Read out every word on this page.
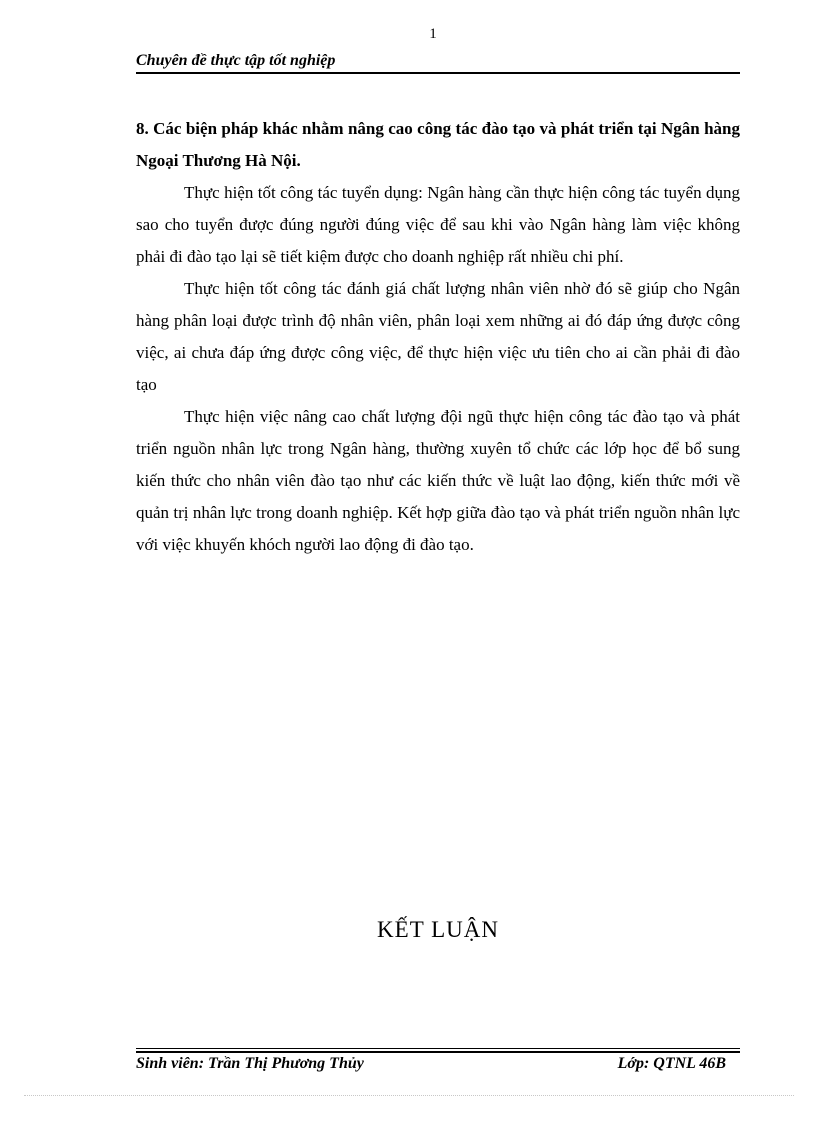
1
Chuyên đề thực tập tốt nghiệp

8. Các biện pháp khác nhằm nâng cao công tác đào tạo và phát triển tại Ngân hàng Ngoại Thương Hà Nội.

Thực hiện tốt công tác tuyển dụng: Ngân hàng cần thực hiện công tác tuyển dụng sao cho tuyển được đúng người đúng việc để sau khi vào Ngân hàng làm việc không phải đi đào tạo lại sẽ tiết kiệm được cho doanh nghiệp rất nhiều chi phí.

Thực hiện tốt công tác đánh giá chất lượng nhân viên nhờ đó sẽ giúp cho Ngân hàng phân loại được trình độ nhân viên, phân loại xem những ai đó đáp ứng được công việc, ai chưa đáp ứng được công việc, để thực hiện việc ưu tiên cho ai cần phải đi đào tạo

Thực hiện việc nâng cao chất lượng đội ngũ thực hiện công tác đào tạo và phát triển nguồn nhân lực trong Ngân hàng, thường xuyên tổ chức các lớp học để bổ sung kiến thức cho nhân viên đào tạo như các kiến thức về luật lao động, kiến thức mới về quản trị nhân lực trong doanh nghiệp. Kết hợp giữa đào tạo và phát triển nguồn nhân lực với việc khuyến khóch người lao động đi đào tạo.

KẾT LUẬN
Sinh viên: Trần Thị Phương Thủy	Lớp: QTNL 46B
